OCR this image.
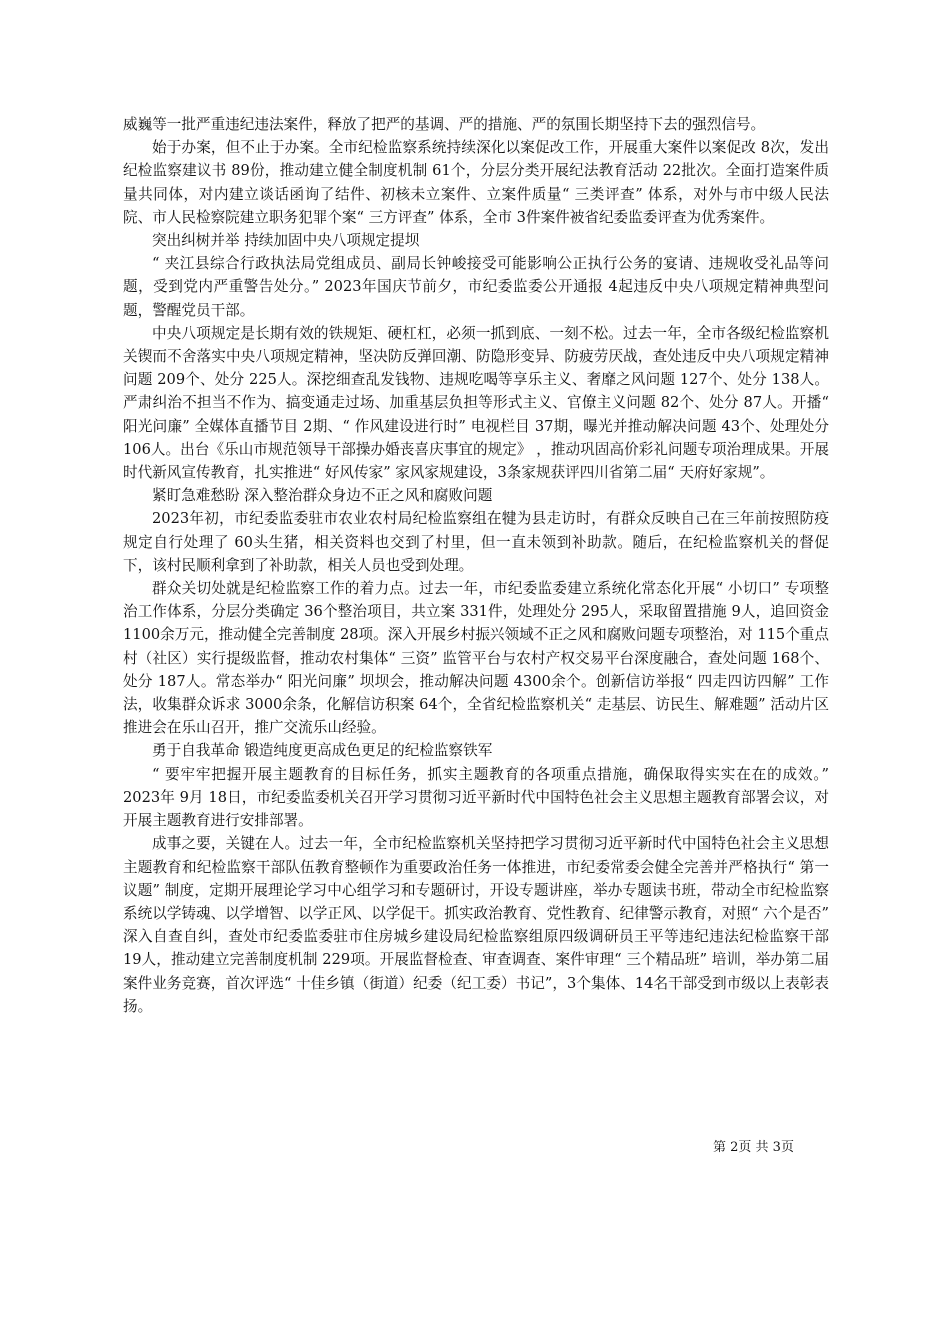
威巍等一批严重违纪违法案件，释放了把严的基调、严的措施、严的氛围长期坚持下去的强烈信号。

始于办案，但不止于办案。全市纪检监察系统持续深化以案促改工作，开展重大案件以案促改 8次，发出纪检监察建议书 89份，推动建立健全制度机制 61个，分层分类开展纪法教育活动 22批次。全面打造案件质量共同体，对内建立谈话函询了结件、初核未立案件、立案件质量“ 三类评查” 体系，对外与市中级人民法院、市人民检察院建立职务犯罪个案“ 三方评查” 体系，全市 3件案件被省纪委监委评查为优秀案件。

突出纠树并举 持续加固中央八项规定提坝

“ 夹江县综合行政执法局党组成员、副局长钟峻接受可能影响公正执行公务的宴请、违规收受礼品等问题，受到党内严重警告处分。” 2023年国庆节前夕，市纪委监委公开通报 4起违反中央八项规定精神典型问题，警醒党员干部。

中央八项规定是长期有效的铁规矩、硬杠杠，必须一抓到底、一刻不松。过去一年，全市各级纪检监察机关锲而不舍落实中央八项规定精神，坚决防反弹回潮、防隐形变异、防疲劳厌战，查处违反中央八项规定精神问题 209个、处分 225人。深挖细查乱发钱物、违规吃喝等享乐主义、奢靡之风问题 127个、处分 138人。严肃纠治不担当不作为、搞变通走过场、加重基层负担等形式主义、官僚主义问题 82个、处分 87人。开播“ 阳光问廉” 全媒体直播节目 2期、“ 作风建设进行时” 电视栏目 37期，曝光并推动解决问题 43个、处理处分 106人。出台《乐山市规范领导干部操办婚丧喜庆事宜的规定》 ，推动巩固高价彩礼问题专项治理成果。开展时代新风宣传教育，扎实推进“ 好风传家” 家风家规建设，3条家规获评四川省第二届“ 天府好家规”。

紧盯急难愁盼 深入整治群众身边不正之风和腐败问题

2023年初，市纪委监委驻市农业农村局纪检监察组在犍为县走访时，有群众反映自己在三年前按照防疫规定自行处理了 60头生猪，相关资料也交到了村里，但一直未领到补助款。随后，在纪检监察机关的督促下，该村民顺利拿到了补助款，相关人员也受到处理。

群众关切处就是纪检监察工作的着力点。过去一年，市纪委监委建立系统化常态化开展“ 小切口” 专项整治工作体系，分层分类确定 36个整治项目，共立案 331件，处理处分 295人，采取留置措施 9人，追回资金 1100余万元，推动健全完善制度 28项。深入开展乡村振兴领域不正之风和腐败问题专项整治，对 115个重点村（社区）实行提级监督，推动农村集体“ 三资” 监管平台与农村产权交易平台深度融合，查处问题 168个、处分 187人。常态举办“ 阳光问廉” 坝坝会，推动解决问题 4300余个。创新信访举报“ 四走四访四解” 工作法，收集群众诉求 3000余条，化解信访积案 64个，全省纪检监察机关“ 走基层、访民生、解难题” 活动片区推进会在乐山召开，推广交流乐山经验。

勇于自我革命 锻造纯度更高成色更足的纪检监察铁军

“ 要牢牢把握开展主题教育的目标任务，抓实主题教育的各项重点措施，确保取得实实在在的成效。” 2023年 9月 18日，市纪委监委机关召开学习贯彻习近平新时代中国特色社会主义思想主题教育部署会议，对开展主题教育进行安排部署。

成事之要，关键在人。过去一年，全市纪检监察机关坚持把学习贯彻习近平新时代中国特色社会主义思想主题教育和纪检监察干部队伍教育整顿作为重要政治任务一体推进，市纪委常委会健全完善并严格执行“ 第一议题” 制度，定期开展理论学习中心组学习和专题研讨，开设专题讲座，举办专题读书班，带动全市纪检监察系统以学铸魂、以学增智、以学正风、以学促干。抓实政治教育、党性教育、纪律警示教育，对照“ 六个是否” 深入自查自纠，查处市纪委监委驻市住房城乡建设局纪检监察组原四级调研员王平等违纪违法纪检监察干部 19人，推动建立完善制度机制 229项。开展监督检查、审查调查、案件审理“ 三个精品班” 培训，举办第二届案件业务竞赛，首次评选“ 十佳乡镇（街道）纪委（纪工委）书记”，3个集体、14名干部受到市级以上表彰表扬。

第 2页 共 3页
